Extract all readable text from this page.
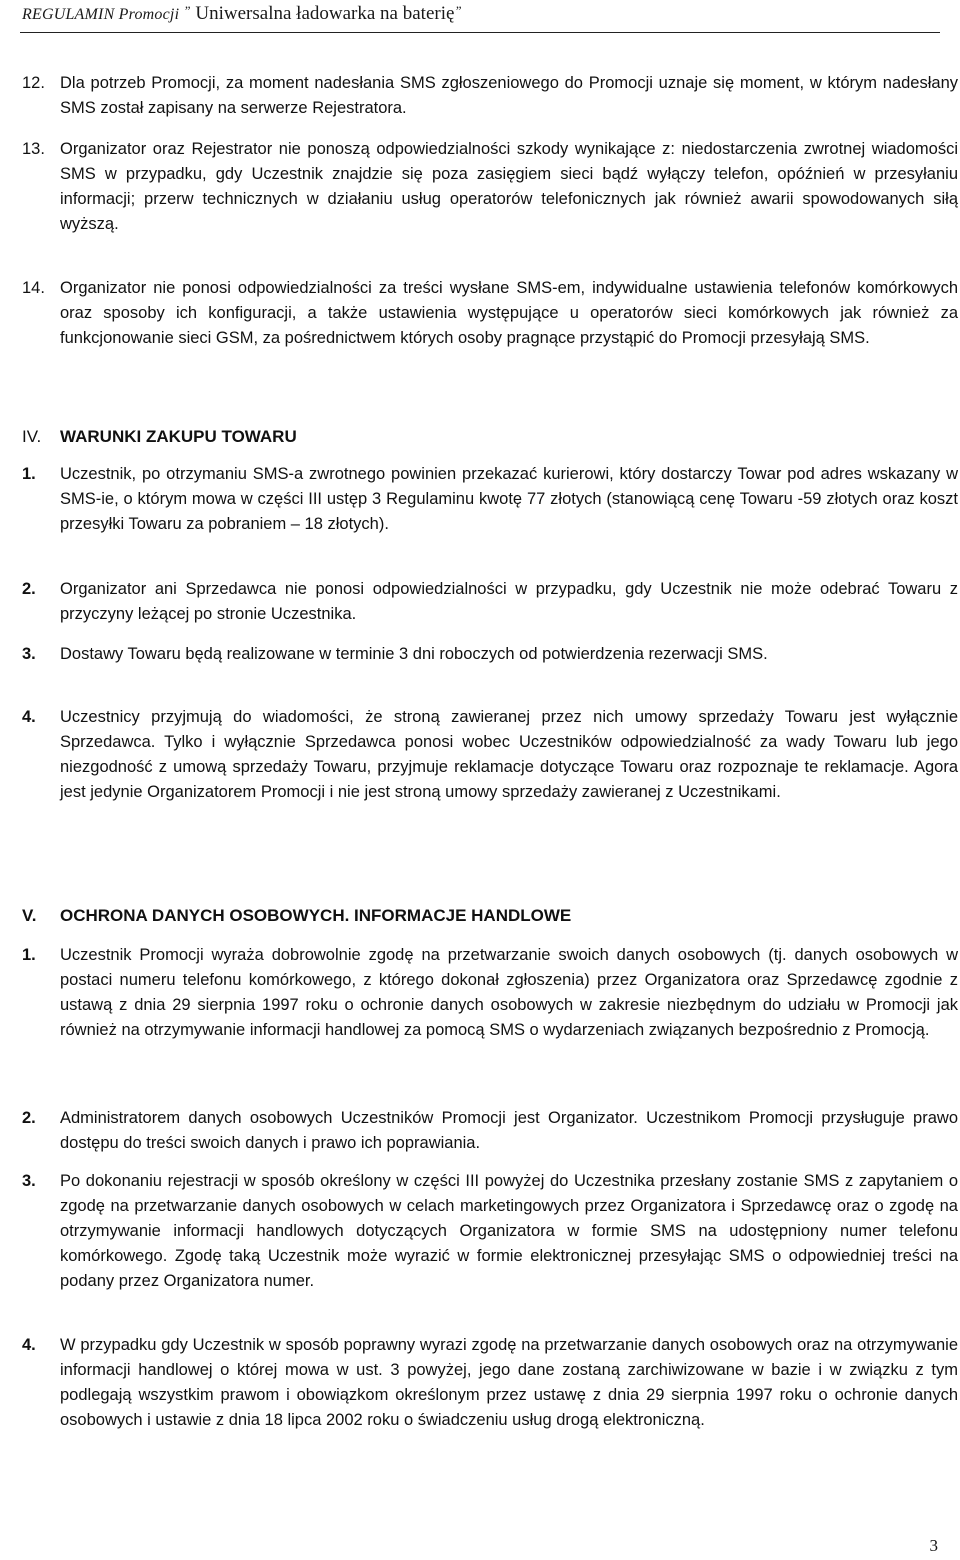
REGULAMIN Promocji ” Uniwersalna ładowarka na baterię”
12. Dla potrzeb Promocji, za moment nadesłania SMS zgłoszeniowego do Promocji uznaje się moment, w którym nadesłany SMS został zapisany na serwerze Rejestratora.
13. Organizator oraz Rejestrator nie ponoszą odpowiedzialności szkody wynikające z: niedostarczenia zwrotnej wiadomości SMS w przypadku, gdy Uczestnik znajdzie się poza zasięgiem sieci bądź wyłączy telefon, opóźnień w przesyłaniu informacji; przerw technicznych w działaniu usług operatorów telefonicznych jak również awarii spowodowanych siłą wyższą.
14. Organizator nie ponosi odpowiedzialności za treści wysłane SMS-em, indywidualne ustawienia telefonów komórkowych oraz sposoby ich konfiguracji, a także ustawienia występujące u operatorów sieci komórkowych jak również za funkcjonowanie sieci GSM, za pośrednictwem których osoby pragnące przystąpić do Promocji przesyłają SMS.
IV. WARUNKI ZAKUPU TOWARU
1. Uczestnik, po otrzymaniu SMS-a zwrotnego powinien przekazać kurierowi, który dostarczy Towar pod adres wskazany w SMS-ie, o którym mowa w części III ustęp 3 Regulaminu kwotę 77 złotych (stanowiącą cenę Towaru -59 złotych oraz koszt przesyłki Towaru za pobraniem – 18 złotych).
2. Organizator ani Sprzedawca nie ponosi odpowiedzialności w przypadku, gdy Uczestnik nie może odebrać Towaru z przyczyny leżącej po stronie Uczestnika.
3. Dostawy Towaru będą realizowane w terminie 3 dni roboczych od potwierdzenia rezerwacji SMS.
4. Uczestnicy przyjmują do wiadomości, że stroną zawieranej przez nich umowy sprzedaży Towaru jest wyłącznie Sprzedawca. Tylko i wyłącznie Sprzedawca ponosi wobec Uczestników odpowiedzialność za wady Towaru lub jego niezgodność z umową sprzedaży Towaru, przyjmuje reklamacje dotyczące Towaru oraz rozpoznaje te reklamacje. Agora jest jedynie Organizatorem Promocji i nie jest stroną umowy sprzedaży zawieranej z Uczestnikami.
V. OCHRONA DANYCH OSOBOWYCH. INFORMACJE HANDLOWE
1. Uczestnik Promocji wyraża dobrowolnie zgodę na przetwarzanie swoich danych osobowych (tj. danych osobowych w postaci numeru telefonu komórkowego, z którego dokonał zgłoszenia) przez Organizatora oraz Sprzedawcę zgodnie z ustawą z dnia 29 sierpnia 1997 roku o ochronie danych osobowych w zakresie niezbędnym do udziału w Promocji jak również na otrzymywanie informacji handlowej za pomocą SMS o wydarzeniach związanych bezpośrednio z Promocją.
2. Administratorem danych osobowych Uczestników Promocji jest Organizator. Uczestnikom Promocji przysługuje prawo dostępu do treści swoich danych i prawo ich poprawiania.
3. Po dokonaniu rejestracji w sposób określony w części III powyżej do Uczestnika przesłany zostanie SMS z zapytaniem o zgodę na przetwarzanie danych osobowych w celach marketingowych przez Organizatora i Sprzedawcę oraz o zgodę na otrzymywanie informacji handlowych dotyczących Organizatora w formie SMS na udostępniony numer telefonu komórkowego. Zgodę taką Uczestnik może wyrazić w formie elektronicznej przesyłając SMS o odpowiedniej treści na podany przez Organizatora numer.
4. W przypadku gdy Uczestnik w sposób poprawny wyrazi zgodę na przetwarzanie danych osobowych oraz na otrzymywanie informacji handlowej o której mowa w ust. 3 powyżej, jego dane zostaną zarchiwizowane w bazie i w związku z tym podlegają wszystkim prawom i obowiązkom określonym przez ustawę z dnia 29 sierpnia 1997 roku o ochronie danych osobowych i ustawie z dnia 18 lipca 2002 roku o świadczeniu usług drogą elektroniczną.
3
